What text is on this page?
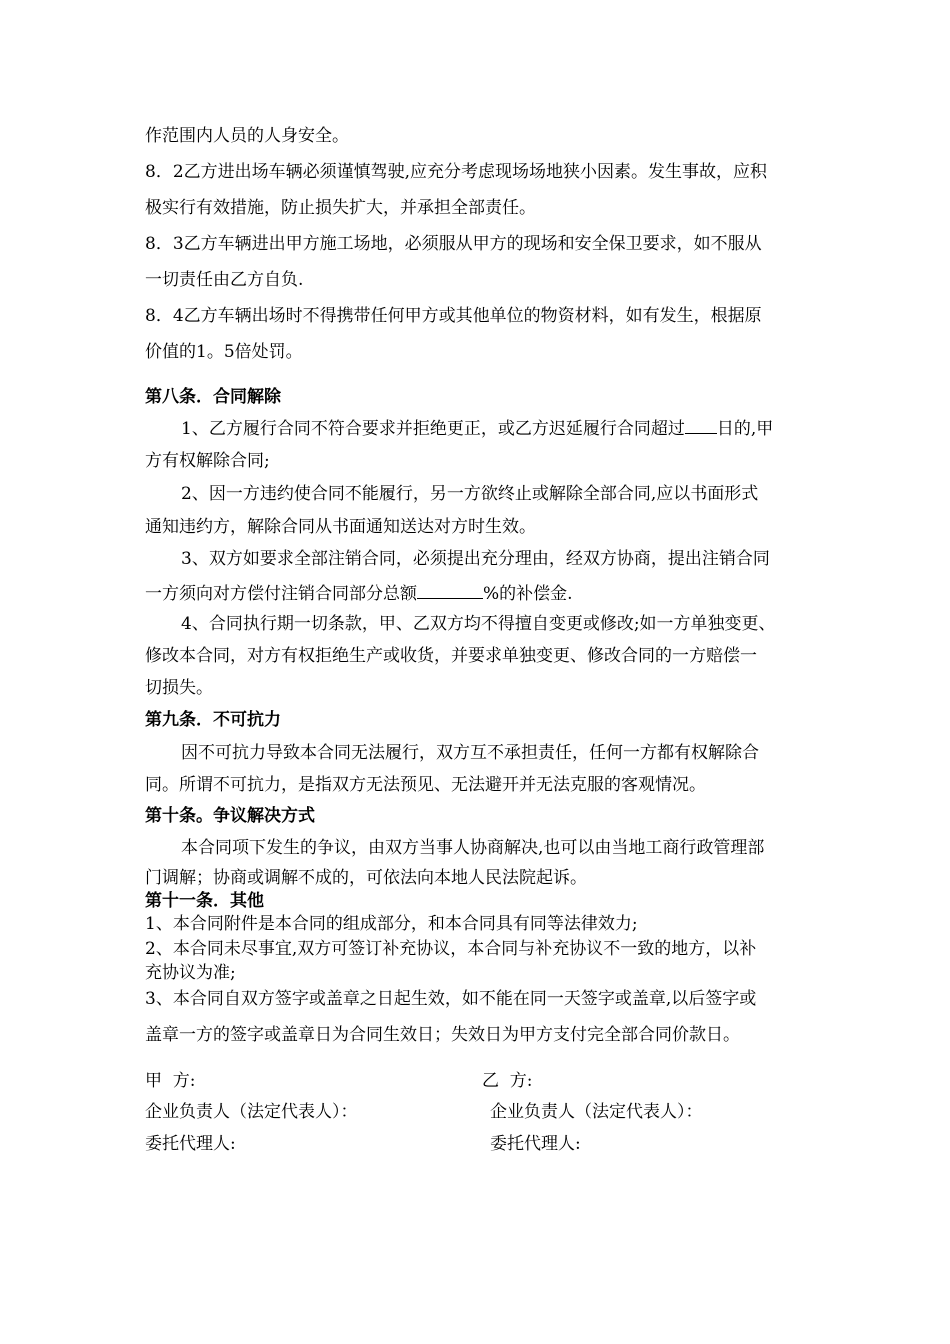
作范围内人员的人身安全。
8．2乙方进出场车辆必须谨慎驾驶,应充分考虑现场场地狭小因素。发生事故，应积
极实行有效措施，防止损失扩大，并承担全部责任。
8．3乙方车辆进出甲方施工场地，必须服从甲方的现场和安全保卫要求，如不服从
一切责任由乙方自负.
8．4乙方车辆出场时不得携带任何甲方或其他单位的物资材料，如有发生，根据原
价值的1。5倍处罚。
第八条．合同解除
1、乙方履行合同不符合要求并拒绝更正，或乙方迟延履行合同超过 日的,甲
方有权解除合同;
2、因一方违约使合同不能履行，另一方欲终止或解除全部合同,应以书面形式
通知违约方，解除合同从书面通知送达对方时生效。
3、双方如要求全部注销合同，必须提出充分理由，经双方协商，提出注销合同
一方须向对方偿付注销合同部分总额	%的补偿金.
4、合同执行期一切条款，甲、乙双方均不得擅自变更或修改;如一方单独变更、
修改本合同，对方有权拒绝生产或收货，并要求单独变更、修改合同的一方赔偿一
切损失。
第九条．不可抗力
因不可抗力导致本合同无法履行，双方互不承担责任，任何一方都有权解除合
同。所谓不可抗力，是指双方无法预见、无法避开并无法克服的客观情况。
第十条。争议解决方式
本合同项下发生的争议，由双方当事人协商解决,也可以由当地工商行政管理部
门调解；协商或调解不成的，可依法向本地人民法院起诉。
第十一条．其他
1、本合同附件是本合同的组成部分，和本合同具有同等法律效力;
2、本合同未尽事宜,双方可签订补充协议，本合同与补充协议不一致的地方，以补
充协议为准;
3、本合同自双方签字或盖章之日起生效，如不能在同一天签字或盖章,以后签字或
盖章一方的签字或盖章日为合同生效日；失效日为甲方支付完全部合同价款日。
甲  方:	乙  方:
企业负责人（法定代表人）：	企业负责人（法定代表人）：
委托代理人:	委托代理人:
